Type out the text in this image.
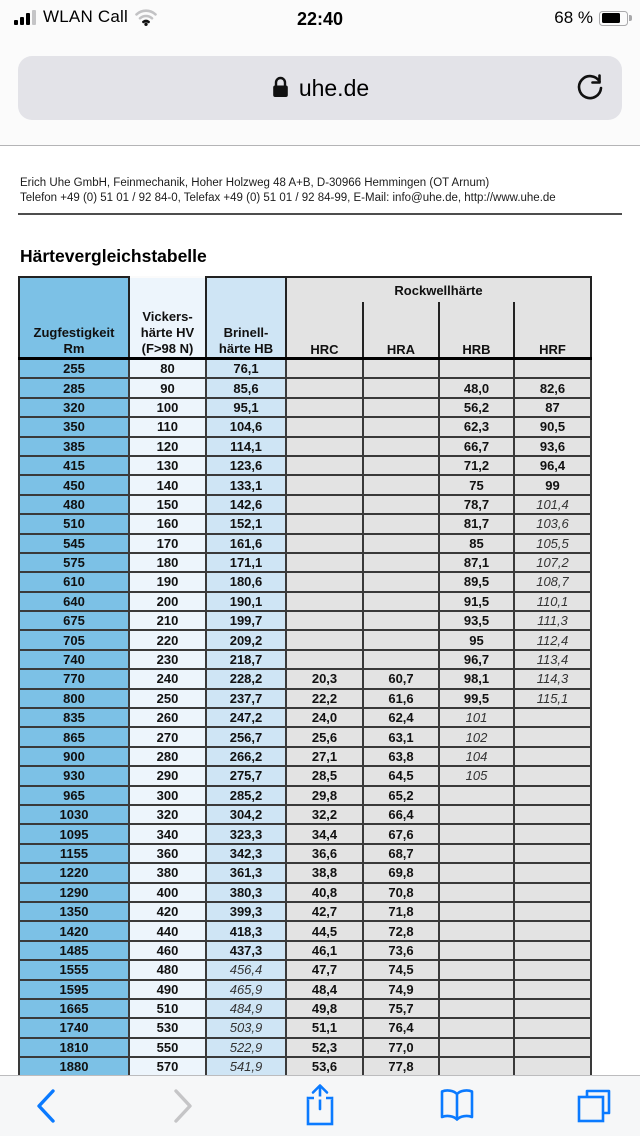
WLAN Call	22:40	68 %
uhe.de
Erich Uhe GmbH, Feinmechanik, Hoher Holzweg 48 A+B, D-30966 Hemmingen (OT Arnum)
Telefon +49 (0) 51 01 / 92 84-0, Telefax +49 (0) 51 01 / 92 84-99, E-Mail: info@uhe.de, http://www.uhe.de
Härtevergleichstabelle
Zugfestigkeit
Rm	Vickers-
härte HV
(F>98 N)	Brinell-
härte HB	Rockwellhärte			
			HRC	HRA	HRB	HRF
255	80	76,1				
285	90	85,6			48,0	82,6
320	100	95,1			56,2	87
350	110	104,6			62,3	90,5
385	120	114,1			66,7	93,6
415	130	123,6			71,2	96,4
450	140	133,1			75	99
480	150	142,6			78,7	101,4
510	160	152,1			81,7	103,6
545	170	161,6			85	105,5
575	180	171,1			87,1	107,2
610	190	180,6			89,5	108,7
640	200	190,1			91,5	110,1
675	210	199,7			93,5	111,3
705	220	209,2			95	112,4
740	230	218,7			96,7	113,4
770	240	228,2	20,3	60,7	98,1	114,3
800	250	237,7	22,2	61,6	99,5	115,1
835	260	247,2	24,0	62,4	101	
865	270	256,7	25,6	63,1	102	
900	280	266,2	27,1	63,8	104	
930	290	275,7	28,5	64,5	105	
965	300	285,2	29,8	65,2		
1030	320	304,2	32,2	66,4		
1095	340	323,3	34,4	67,6		
1155	360	342,3	36,6	68,7		
1220	380	361,3	38,8	69,8		
1290	400	380,3	40,8	70,8		
1350	420	399,3	42,7	71,8		
1420	440	418,3	44,5	72,8		
1485	460	437,3	46,1	73,6		
1555	480	456,4	47,7	74,5		
1595	490	465,9	48,4	74,9		
1665	510	484,9	49,8	75,7		
1740	530	503,9	51,1	76,4		
1810	550	522,9	52,3	77,0		
1880	570	541,9	53,6	77,8		
